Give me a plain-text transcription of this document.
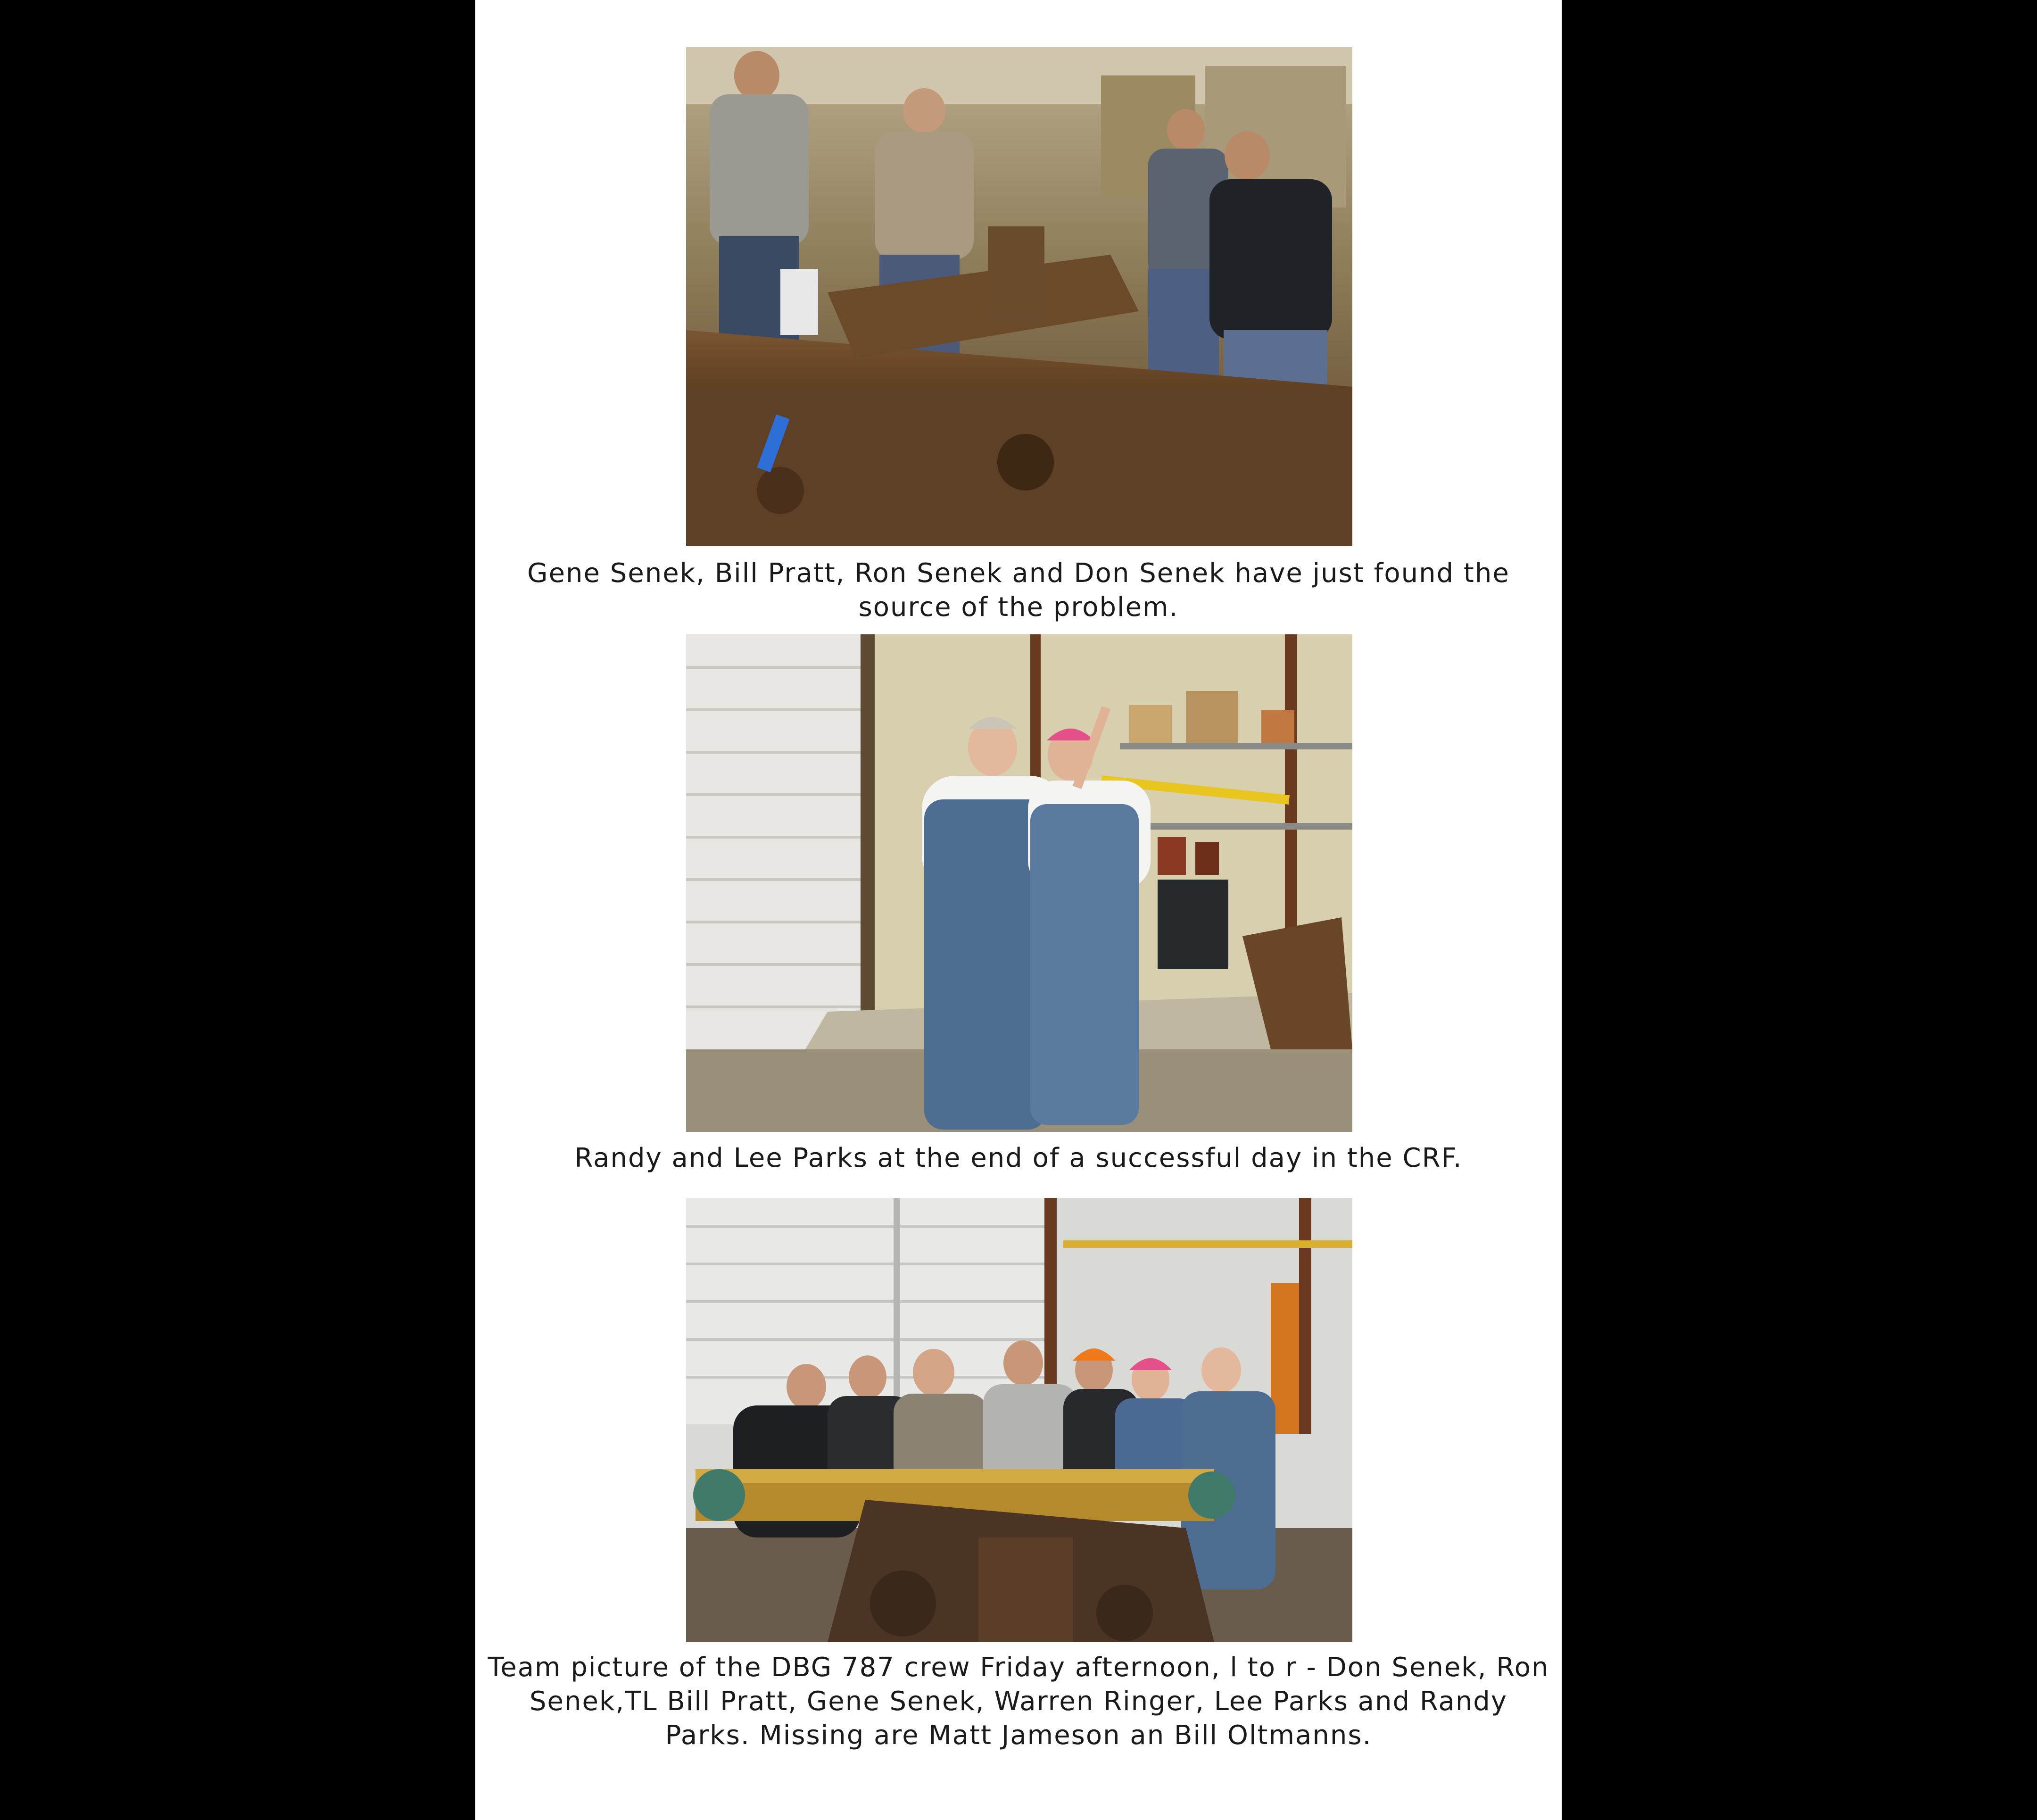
Gene Senek, Bill Pratt, Ron Senek and Don Senek have just found the
source of the problem.
Randy and Lee Parks at the end of a successful day in the CRF.
Team picture of the DBG 787 crew Friday afternoon, l to r - Don Senek, Ron
Senek,TL Bill Pratt, Gene Senek, Warren Ringer, Lee Parks and Randy
Parks. Missing are Matt Jameson an Bill Oltmanns.
